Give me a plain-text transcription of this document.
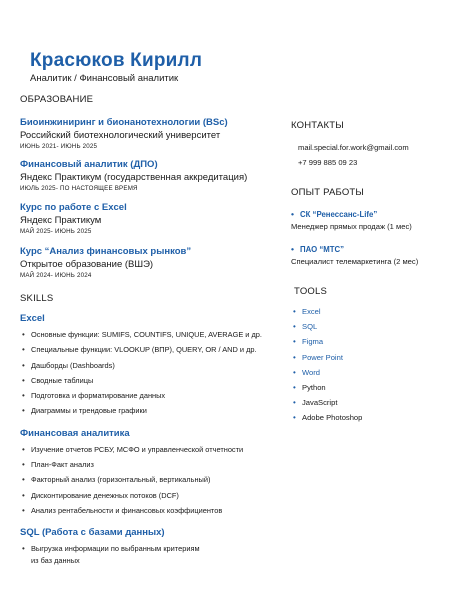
Красюков Кирилл
Аналитик / Финансовый аналитик
ОБРАЗОВАНИЕ
Биоинжиниринг и бионанотехнологии (BSc)
Российский биотехнологический университет
ИЮНЬ 2021- ИЮНЬ 2025
Финансовый аналитик (ДПО)
Яндекс Практикум (государственная аккредитация)
ИЮЛЬ 2025- ПО НАСТОЯЩЕЕ ВРЕМЯ
Курс по работе с Excel
Яндекс Практикум
МАЙ 2025- ИЮНЬ 2025
Курс “Анализ финансовых рынков”
Открытое образование (ВШЭ)
МАЙ 2024- ИЮНЬ 2024
SKILLS
Excel
• Основные функции: SUMIFS, COUNTIFS, UNIQUE, AVERAGE и др.
• Специальные функции: VLOOKUP (ВПР), QUERY, OR / AND и др.
• Дашборды (Dashboards)
• Сводные таблицы
• Подготовка и форматирование данных
• Диаграммы и трендовые графики
Финансовая аналитика
• Изучение отчетов РСБУ, МСФО и управленческой отчетности
• План-Факт анализ
• Факторный анализ (горизонтальный, вертикальный)
• Дисконтирование денежных потоков (DCF)
• Анализ рентабельности и финансовых коэффициентов
SQL (Работа с базами данных)
• Выгрузка информации по выбранным критериям
из баз данных
КОНТАКТЫ
mail.special.for.work@gmail.com
+7 999 885 09 23
ОПЫТ РАБОТЫ
• СК “Ренессанс-Life”
Менеджер прямых продаж (1 мес)
• ПАО “МТС”
Специалист телемаркетинга (2 мес)
TOOLS
• Excel
• SQL
• Figma
• Power Point
• Word
• Python
• JavaScript
• Adobe Photoshop
